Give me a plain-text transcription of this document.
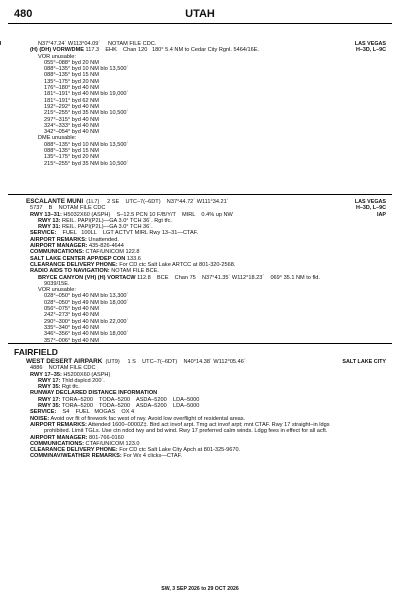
480	UTAH
N37°47.24´ W113°04.09´     NOTAM FILE CDC.	LAS VEGAS
H–3D, L–9C
(H) (DH) VORW/DME 117.3    EHK    Chan 120   180° 5.4 NM to Cedar City Rgnl. 5464/16E.
VOR unusable:
055°–088° byd 20 NM
088°–135° byd 10 NM blo 13,500´
088°–135° byd 15 NM
135°–175° byd 20 NM
176°–180° byd 40 NM
181°–191° byd 40 NM blo 19,000´
181°–191° byd 62 NM
192°–292° byd 40 NM
215°–255° byd 35 NM blo 10,500´
297°–315° byd 40 NM
324°–333° byd 40 NM
342°–054° byd 40 NM
DME unusable:
088°–135° byd 10 NM blo 13,500´
088°–135° byd 15 NM
135°–175° byd 20 NM
215°–255° byd 35 NM blo 10,500´
ESCALANTE MUNI (1L7)     2 SE    UTC–7(–6DT)    N37°44.72´ W111°34.21´	LAS VEGAS
H–3D, L–9C
IAP
5737    B    NOTAM FILE CDC
RWY 13–31: H5032X60 (ASPH)    S–12.5 PCN 10 F/B/Y/T    MIRL    0.4% up NW
RWY 13: REIL. PAPI(P2L)—GA 3.0° TCH 36´. Rgt tfc.
RWY 31: REIL. PAPI(P2L)—GA 3.0° TCH 36´.
SERVICE:    FUEL   100LL    LGT ACTVT MIRL Rwy 13–31—CTAF.
AIRPORT REMARKS: Unattended.
AIRPORT MANAGER: 435-826-4644
COMMUNICATIONS: CTAF/UNICOM 122.8
SALT LAKE CENTER APP/DEP CON 133.6
CLEARANCE DELIVERY PHONE: For CD ctc Salt Lake ARTCC at 801-320-2568.
RADIO AIDS TO NAVIGATION: NOTAM FILE BCE.
BRYCE CANYON (VH) (H) VORTACW 112.8    BCE    Chan 75    N37°41.35´ W112°18.23´    069° 35.1 NM to fld.
9039/15E.
VOR unusable:
028°–050° byd 40 NM blo 13,300´
028°–050° byd 49 NM blo 18,000´
056°–075° byd 40 NM
242°–273° byd 40 NM
290°–300° byd 40 NM blo 22,000´
335°–340° byd 40 NM
346°–356° byd 40 NM blo 18,000´
357°–006° byd 40 NM
FAIRFIELD
WEST DESERT AIRPARK (UT9)     1 S    UTC–7(–6DT)    N40°14.38´ W112°05.46´	SALT LAKE CITY
4886    NOTAM FILE CDC
RWY 17–35: H5200X60 (ASPH)
RWY 17: Thld dsplcd 200´.
RWY 35: Rgt tfc.
RUNWAY DECLARED DISTANCE INFORMATION
RWY 17: TORA–5200    TODA–5200    ASDA–5200    LDA–5000
RWY 35: TORA–5200    TODA–5200    ASDA–5200    LDA–5000
SERVICE:    S4    FUEL   MOGAS    OX 4
NOISE: Avoid ovr flt of firework fac west of rwy. Avoid low overflight of residental areas.
AIRPORT REMARKS: Attended 1600–0000Z‡. Bird act invof arpt. Tmg act invof arpt; mnt CTAF. Rwy 17 straight–in ldgs
prohibited. Limit TGLs. Use ctn ndcd twy and bd wind. Rwy 17 preferred calm winds. Ldgg fees in effect for all acft.
AIRPORT MANAGER: 801-766-0160
COMMUNICATIONS: CTAF/UNICOM 123.0
CLEARANCE DELIVERY PHONE: For CD ctc Salt Lake City Apch at 801-325-9670.
COMM/NAV/WEATHER REMARKS: For Wx 4 clicks—CTAF.
SW, 3 SEP 2026 to 29 OCT 2026
